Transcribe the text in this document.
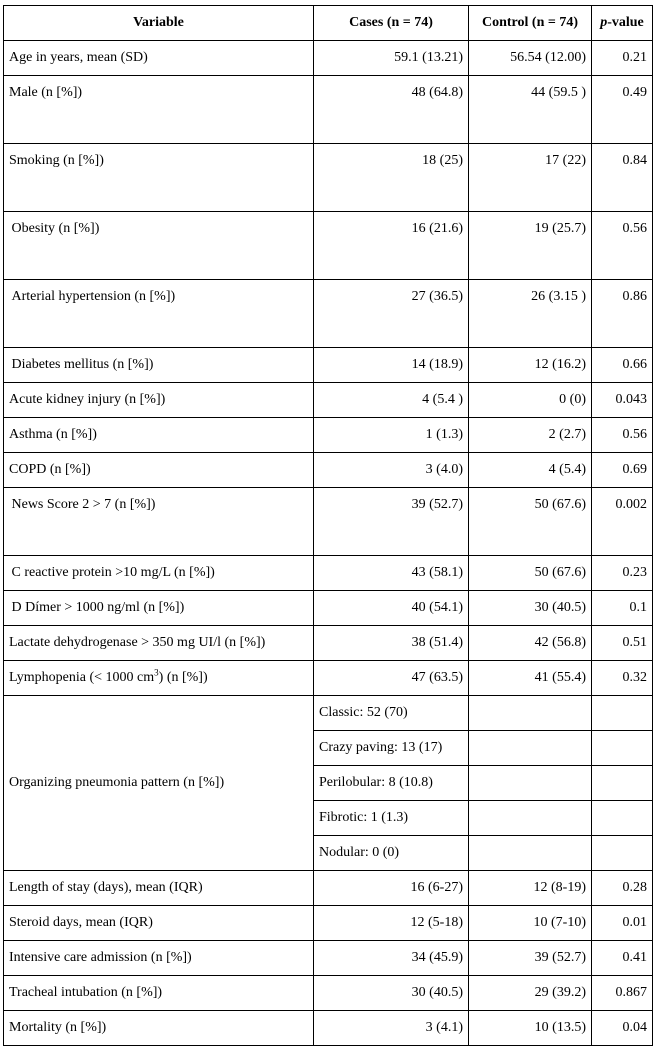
Variable	Cases (n = 74)	Control (n = 74)	p-value
Age in years, mean (SD)	59.1 (13.21)	56.54 (12.00)	0.21
Male (n [%])	48 (64.8)	44 (59.5 )	0.49
Smoking (n [%])	18 (25)	17 (22)	0.84
Obesity (n [%])	16 (21.6)	19 (25.7)	0.56
Arterial hypertension (n [%])	27 (36.5)	26 (3.15 )	0.86
Diabetes mellitus (n [%])	14 (18.9)	12 (16.2)	0.66
Acute kidney injury (n [%])	4 (5.4 )	0 (0)	0.043
Asthma (n [%])	1 (1.3)	2 (2.7)	0.56
COPD (n [%])	3 (4.0)	4 (5.4)	0.69
News Score 2 > 7 (n [%])	39 (52.7)	50 (67.6)	0.002
C reactive protein >10 mg/L (n [%])	43 (58.1)	50 (67.6)	0.23
D Dímer > 1000 ng/ml (n [%])	40 (54.1)	30 (40.5)	0.1
Lactate dehydrogenase > 350 mg UI/l (n [%])	38 (51.4)	42 (56.8)	0.51
Lymphopenia (< 1000 $cm^3$) (n [%])	47 (63.5)	41 (55.4)	0.32
Organizing pneumonia pattern (n [%])	Classic: 52 (70)		
	Crazy paving: 13 (17)		
	Perilobular: 8 (10.8)		
	Fibrotic: 1 (1.3)		
	Nodular: 0 (0)		
Length of stay (days), mean (IQR)	16 (6-27)	12 (8-19)	0.28
Steroid days, mean (IQR)	12 (5-18)	10 (7-10)	0.01
Intensive care admission (n [%])	34 (45.9)	39 (52.7)	0.41
Tracheal intubation (n [%])	30 (40.5)	29 (39.2)	0.867
Mortality (n [%])	3 (4.1)	10 (13.5)	0.04
